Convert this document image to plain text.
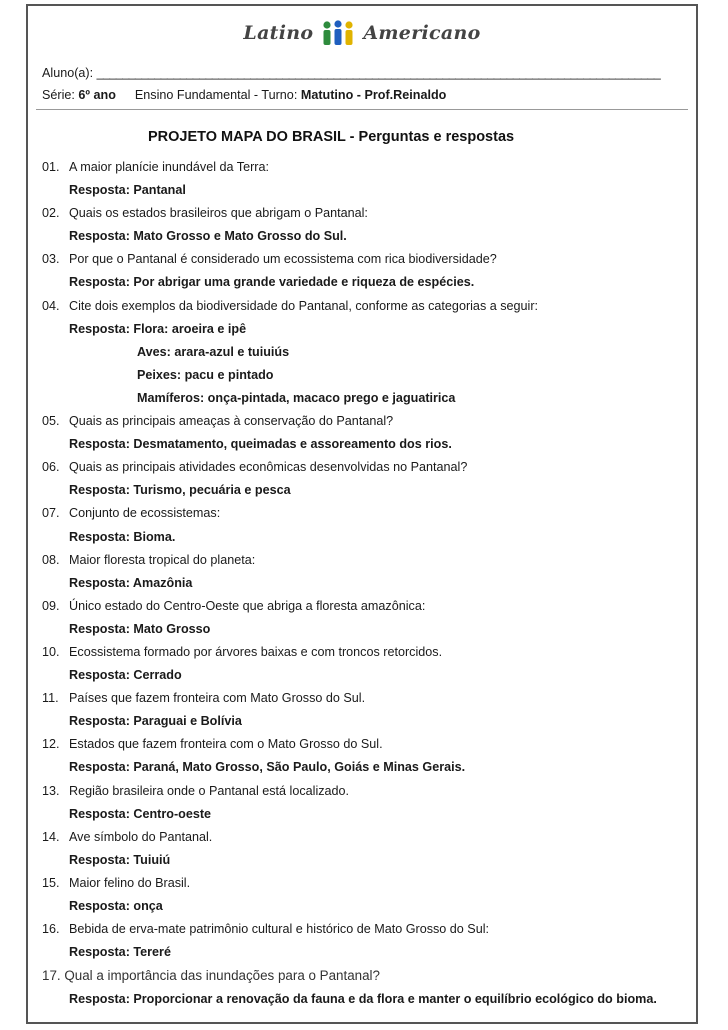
Latino	Americano
Aluno(a): ________________________________________________________________________________________
Série: 6º ano Ensino Fundamental - Turno: Matutino - Prof.Reinaldo
PROJETO MAPA DO BRASIL - Perguntas e respostas
01. A maior planície inundável da Terra:
Resposta: Pantanal
02. Quais os estados brasileiros que abrigam o Pantanal:
Resposta: Mato Grosso e Mato Grosso do Sul.
03. Por que o Pantanal é considerado um ecossistema com rica biodiversidade?
Resposta: Por abrigar uma grande variedade e riqueza de espécies.
04. Cite dois exemplos da biodiversidade do Pantanal, conforme as categorias a seguir:
Resposta: Flora: aroeira e ipê
Aves: arara-azul e tuiuiús
Peixes: pacu e pintado
Mamíferos: onça-pintada, macaco prego e jaguatirica
05. Quais as principais ameaças à conservação do Pantanal?
Resposta: Desmatamento, queimadas e assoreamento dos rios.
06. Quais as principais atividades econômicas desenvolvidas no Pantanal?
Resposta: Turismo, pecuária e pesca
07. Conjunto de ecossistemas:
Resposta: Bioma.
08. Maior floresta tropical do planeta:
Resposta: Amazônia
09. Único estado do Centro-Oeste que abriga a floresta amazônica:
Resposta: Mato Grosso
10. Ecossistema formado por árvores baixas e com troncos retorcidos.
Resposta: Cerrado
11. Países que fazem fronteira com Mato Grosso do Sul.
Resposta: Paraguai e Bolívia
12. Estados que fazem fronteira com o Mato Grosso do Sul.
Resposta: Paraná, Mato Grosso, São Paulo, Goiás e Minas Gerais.
13. Região brasileira onde o Pantanal está localizado.
Resposta: Centro-oeste
14. Ave símbolo do Pantanal.
Resposta: Tuiuiú
15. Maior felino do Brasil.
Resposta: onça
16. Bebida de erva-mate patrimônio cultural e histórico de Mato Grosso do Sul:
Resposta: Tereré
17. Qual a importância das inundações para o Pantanal?
Resposta: Proporcionar a renovação da fauna e da flora e manter o equilíbrio ecológico do bioma.
